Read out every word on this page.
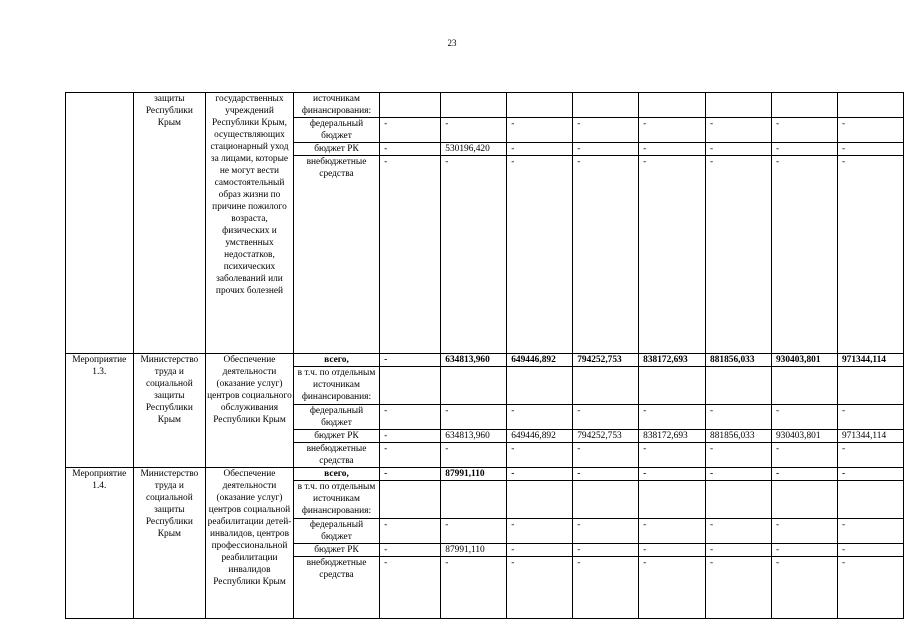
23
	защиты Республики Крым	государственных учреждений Республики Крым, осуществляющих стационарный уход за лицами, которые не могут вести самостоятельный образ жизни по причине пожилого возраста, физических и умственных недостатков, психических заболеваний или прочих болезней	источникам финансирования:								
			федеральный бюджет	-	-	-	-	-	-	-	-
			бюджет РК	-	530196,420	-	-	-	-	-	-
			внебюджетные средства	-	-	-	-	-	-	-	-
Мероприятие 1.3.	Министерство труда и социальной защиты Республики Крым	Обеспечение деятельности (оказание услуг) центров социального обслуживания Республики Крым	всего,	-	634813,960	649446,892	794252,753	838172,693	881856,033	930403,801	971344,114
			в т.ч. по отдельным источникам финансирования:								
			федеральный бюджет	-	-	-	-	-	-	-	-
			бюджет РК	-	634813,960	649446,892	794252,753	838172,693	881856,033	930403,801	971344,114
			внебюджетные средства	-	-	-	-	-	-	-	-
Мероприятие 1.4.	Министерство труда и социальной защиты Республики Крым	Обеспечение деятельности (оказание услуг) центров социальной реабилитации детей-инвалидов, центров профессиональной реабилитации инвалидов Республики Крым	всего,	-	87991,110	-	-	-	-	-	-
			в т.ч. по отдельным источникам финансирования:								
			федеральный бюджет	-	-	-	-	-	-	-	-
			бюджет РК	-	87991,110	-	-	-	-	-	-
			внебюджетные средства	-	-	-	-	-	-	-	-
